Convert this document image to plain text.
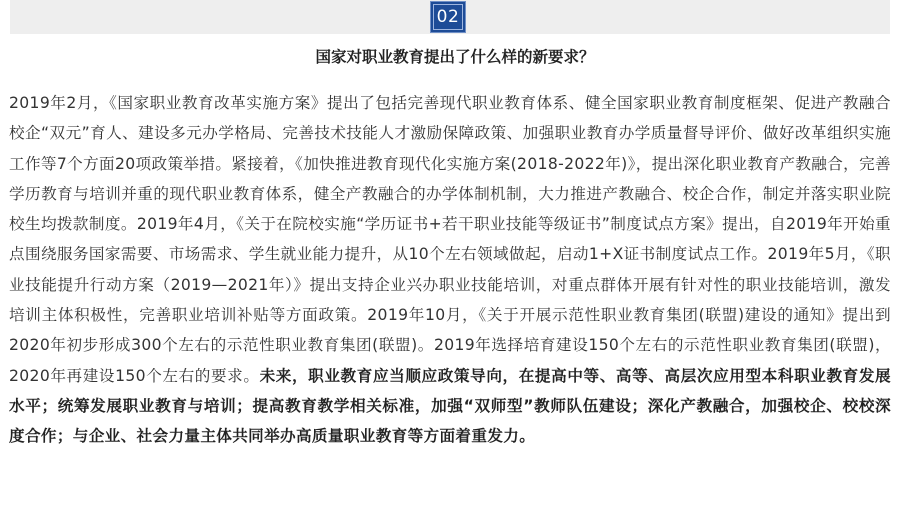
02
国家对职业教育提出了什么样的新要求？

2019年2月，《国家职业教育改革实施方案》提出了包括完善现代职业教育体系、健全国家职业教育制度框架、促进产教融合校企“双元”育人、建设多元办学格局、完善技术技能人才激励保障政策、加强职业教育办学质量督导评价、做好改革组织实施工作等7个方面20项政策举措。紧接着，《加快推进教育现代化实施方案(2018-2022年)》，提出深化职业教育产教融合，完善学历教育与培训并重的现代职业教育体系，健全产教融合的办学体制机制，大力推进产教融合、校企合作，制定并落实职业院校生均拨款制度。2019年4月，《关于在院校实施“学历证书+若干职业技能等级证书”制度试点方案》提出，自2019年开始重点围绕服务国家需要、市场需求、学生就业能力提升，从10个左右领域做起，启动1+X证书制度试点工作。2019年5月，《职业技能提升行动方案（2019—2021年）》提出支持企业兴办职业技能培训，对重点群体开展有针对性的职业技能培训，激发培训主体积极性，完善职业培训补贴等方面政策。2019年10月，《关于开展示范性职业教育集团(联盟)建设的通知》提出到2020年初步形成300个左右的示范性职业教育集团(联盟)。2019年选择培育建设150个左右的示范性职业教育集团(联盟)，2020年再建设150个左右的要求。未来，职业教育应当顺应政策导向，在提高中等、高等、高层次应用型本科职业教育发展水平；统筹发展职业教育与培训；提高教育教学相关标准，加强“双师型”教师队伍建设；深化产教融合，加强校企、校校深度合作；与企业、社会力量主体共同举办高质量职业教育等方面着重发力。
